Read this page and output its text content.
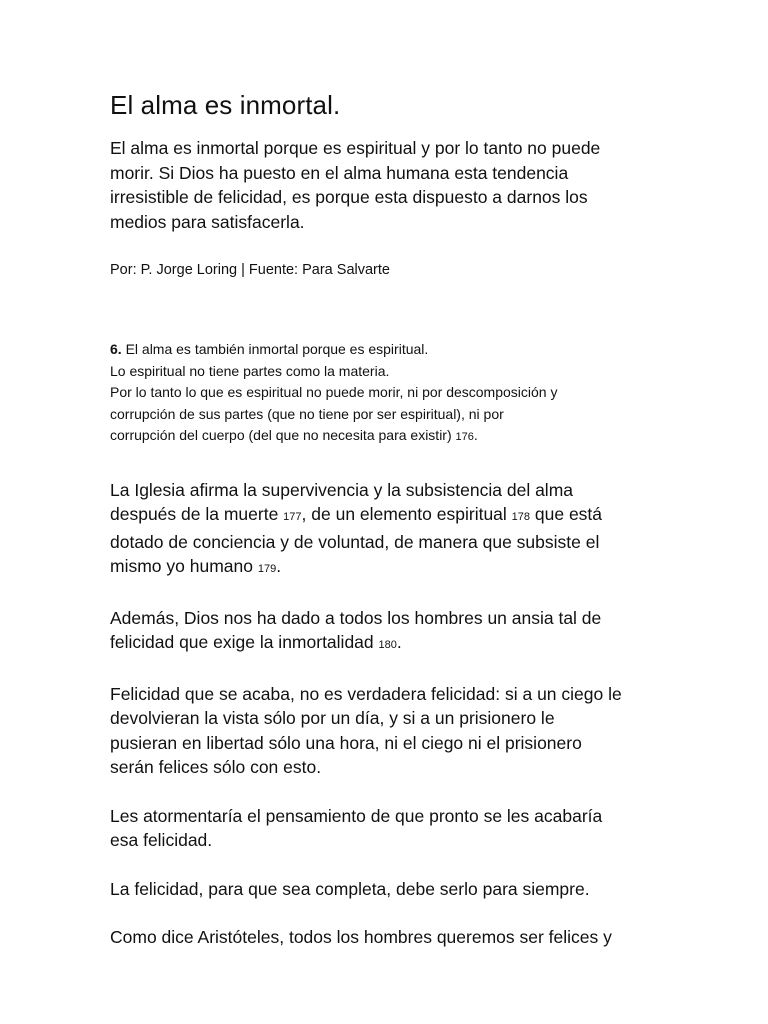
El alma es inmortal.

El alma es inmortal porque es espiritual y por lo tanto no puede
morir. Si Dios ha puesto en el alma humana esta tendencia
irresistible de felicidad, es porque esta dispuesto a darnos los
medios para satisfacerla.

Por: P. Jorge Loring | Fuente: Para Salvarte

6. El alma es también inmortal porque es espiritual.
Lo espiritual no tiene partes como la materia.
Por lo tanto lo que es espiritual no puede morir, ni por descomposición y
corrupción de sus partes (que no tiene por ser espiritual), ni por
corrupción del cuerpo (del que no necesita para existir) 176.

La Iglesia afirma la supervivencia y la subsistencia del alma
después de la muerte 177, de un elemento espiritual 178 que está
dotado de conciencia y de voluntad, de manera que subsiste el
mismo yo humano 179.

Además, Dios nos ha dado a todos los hombres un ansia tal de
felicidad que exige la inmortalidad 180.

Felicidad que se acaba, no es verdadera felicidad: si a un ciego le
devolvieran la vista sólo por un día, y si a un prisionero le
pusieran en libertad sólo una hora, ni el ciego ni el prisionero
serán felices sólo con esto.

Les atormentaría el pensamiento de que pronto se les acabaría
esa felicidad.

La felicidad, para que sea completa, debe serlo para siempre.

Como dice Aristóteles, todos los hombres queremos ser felices y
